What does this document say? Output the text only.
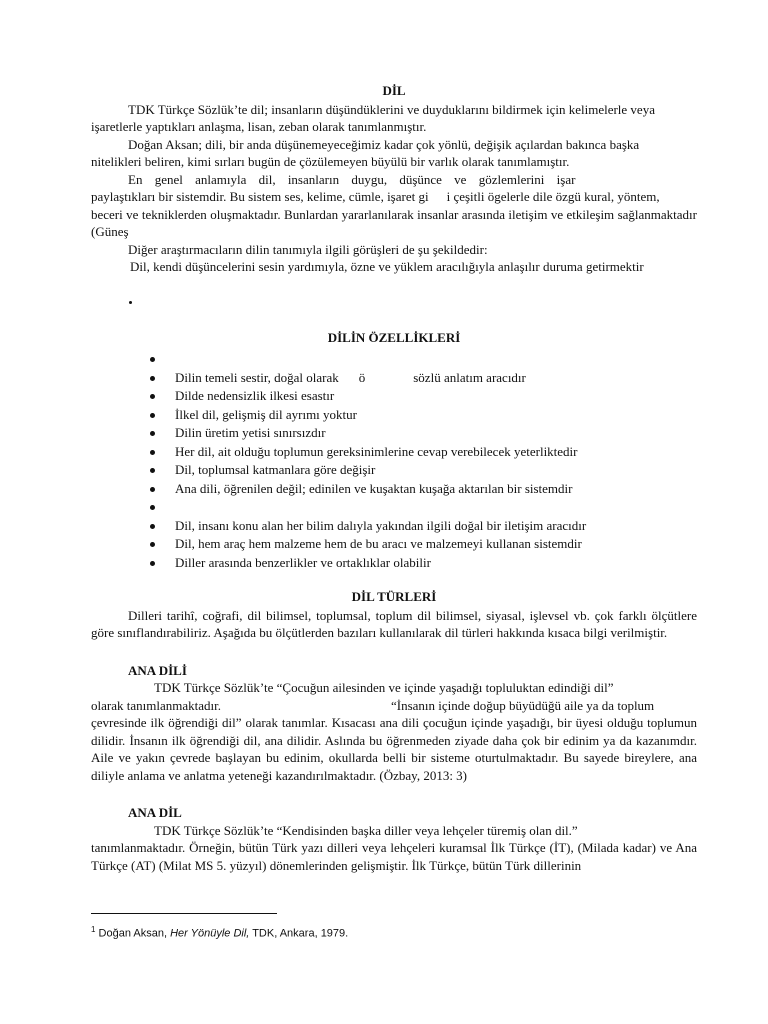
DİL

TDK Türkçe Sözlük’te dil; insanların düşündüklerini ve duyduklarını bildirmek için kelimelerle veya

işaretlerle yaptıkları anlaşma, lisan, zeban olarak tanımlanmıştır.

Doğan Aksan; dili, bir anda düşünemeyeceğimiz kadar çok yönlü, değişik açılardan bakınca başka

nitelikleri beliren, kimi sırları bugün de çözülemeyen büyülü bir varlık olarak tanımlamıştır.

En genel anlamıyla dil, insanların duygu, düşünce ve gözlemlerini işar

paylaştıkları bir sistemdir. Bu sistem ses, kelime, cümle, işaret gi i çeşitli ögelerle dile özgü kural, yöntem,

beceri ve tekniklerden oluşmaktadır. Bunlardan yararlanılarak insanlar arasında iletişim ve etkileşim sağlanmaktadır (Güneş

Diğer araştırmacıların dilin tanımıyla ilgili görüşleri de şu şekildedir:

Dil, kendi düşüncelerini sesin yardımıyla, özne ve yüklem aracılığıyla anlaşılır duruma getirmektir

DİLİN ÖZELLİKLERİ
Dilin temeli sestir, doğal olarak ö	sözlü anlatım aracıdır
Dilde nedensizlik ilkesi esastır
İlkel dil, gelişmiş dil ayrımı yoktur
Dilin üretim yetisi sınırsızdır
Her dil, ait olduğu toplumun gereksinimlerine cevap verebilecek yeterliktedir
Dil, toplumsal katmanlara göre değişir
Ana dili, öğrenilen değil; edinilen ve kuşaktan kuşağa aktarılan bir sistemdir
Dil, insanı konu alan her bilim dalıyla yakından ilgili doğal bir iletişim aracıdır
Dil, hem araç hem malzeme hem de bu aracı ve malzemeyi kullanan sistemdir
Diller arasında benzerlikler ve ortaklıklar olabilir
DİL TÜRLERİ

Dilleri tarihî, coğrafi, dil bilimsel, toplumsal, toplum dil bilimsel, siyasal, işlevsel vb. çok farklı ölçütlere göre sınıflandırabiliriz. Aşağıda bu ölçütlerden bazıları kullanılarak dil türleri hakkında kısaca bilgi verilmiştir.

ANA DİLİ

TDK Türkçe Sözlük’te “Çocuğun ailesinden ve içinde yaşadığı topluluktan edindiği dil”

olarak tanımlanmaktadır.	“İnsanın içinde doğup büyüdüğü aile ya da toplum

çevresinde ilk öğrendiği dil” olarak tanımlar. Kısacası ana dili çocuğun içinde yaşadığı, bir üyesi olduğu toplumun dilidir. İnsanın ilk öğrendiği dil, ana dilidir. Aslında bu öğrenmeden ziyade daha çok bir edinim ya da kazanımdır. Aile ve yakın çevrede başlayan bu edinim, okullarda belli bir sisteme oturtulmaktadır. Bu sayede bireylere, ana diliyle anlama ve anlatma yeteneği kazandırılmaktadır. (Özbay, 2013: 3)

ANA DİL

TDK Türkçe Sözlük’te “Kendisinden başka diller veya lehçeler türemiş olan dil.”

tanımlanmaktadır. Örneğin, bütün Türk yazı dilleri veya lehçeleri kuramsal İlk Türkçe (İT), (Milada kadar) ve Ana Türkçe (AT) (Milat MS 5. yüzyıl) dönemlerinden gelişmiştir. İlk Türkçe, bütün Türk dillerinin

$^1$ Doğan Aksan, Her Yönüyle Dil, TDK, Ankara, 1979.
